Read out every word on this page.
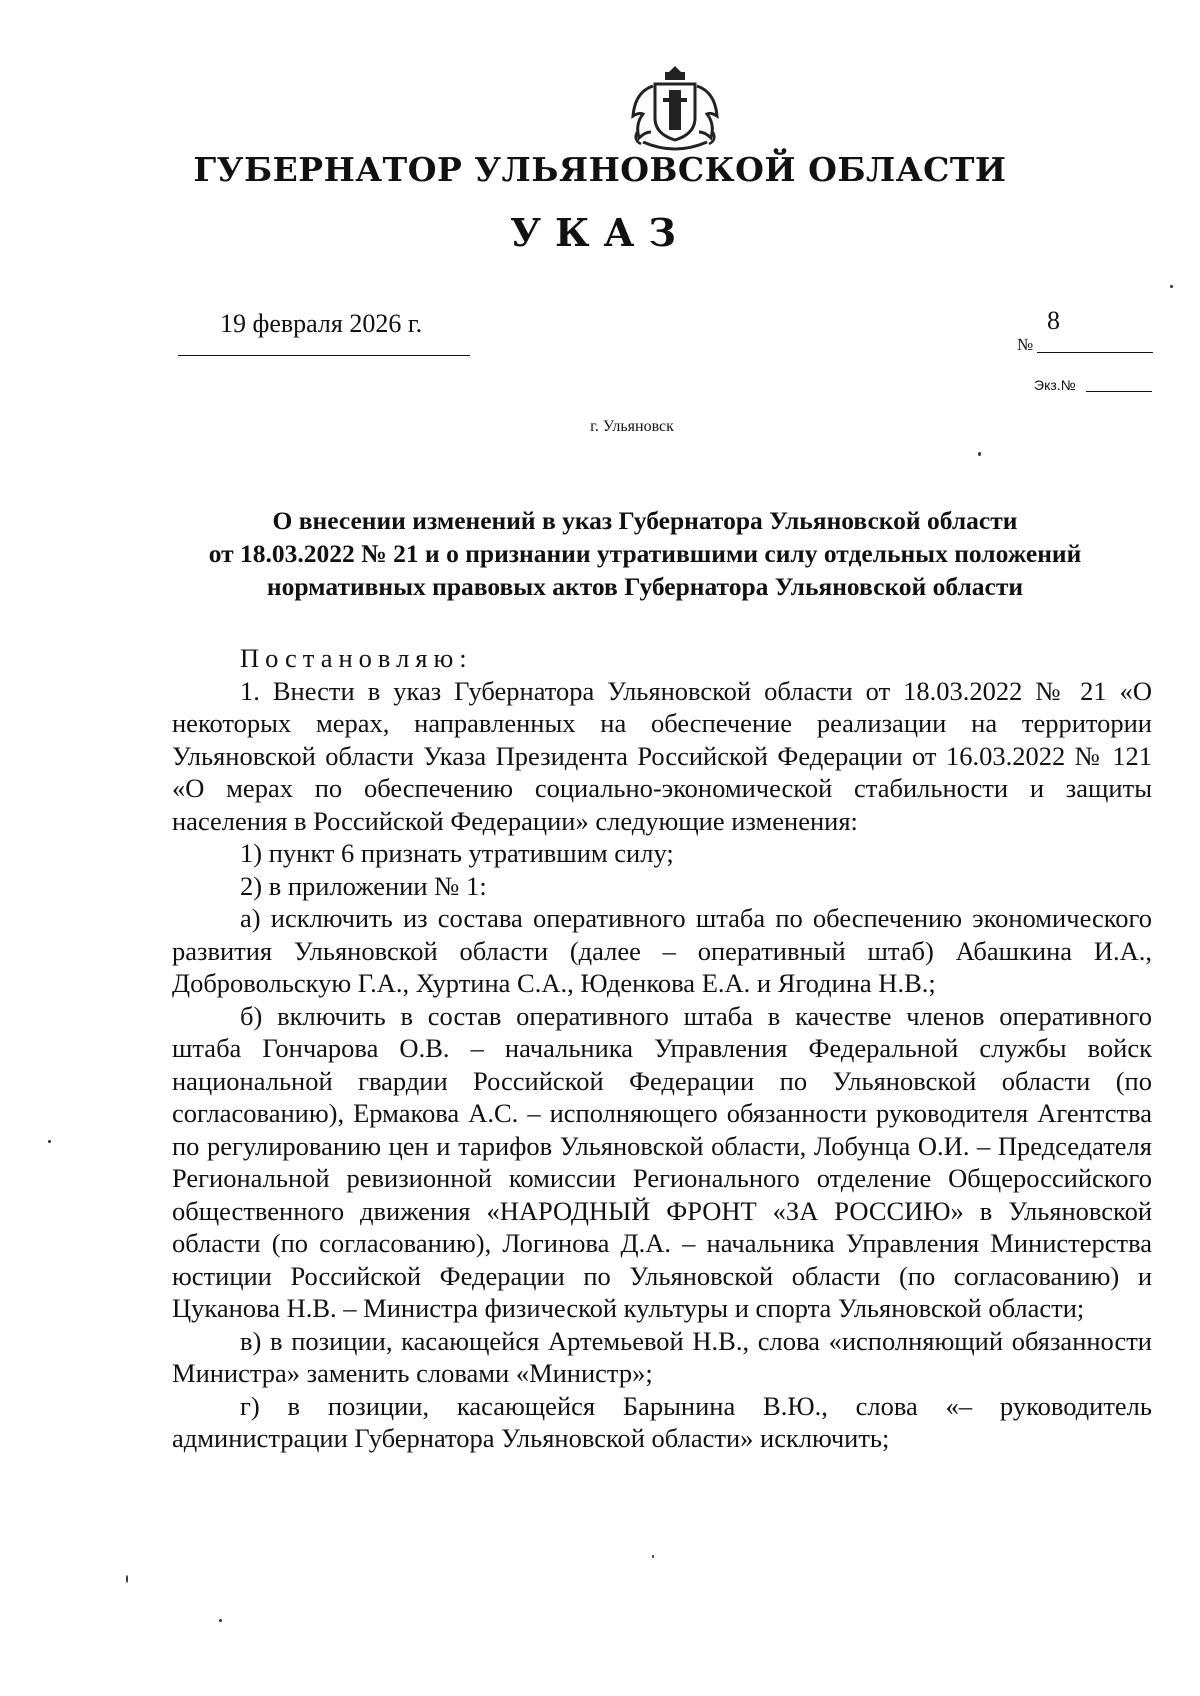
ГУБЕРНАТОР УЛЬЯНОВСКОЙ ОБЛАСТИ
УКАЗ
19 февраля 2026 г.	8
№
Экз.№
г. Ульяновск
О внесении изменений в указ Губернатора Ульяновской области
от 18.03.2022 № 21 и о признании утратившими силу отдельных положений
нормативных правовых актов Губернатора Ульяновской области
Постановляю:
1. Внести в указ Губернатора Ульяновской области от 18.03.2022 № 21 «О некоторых мерах, направленных на обеспечение реализации на территории Ульяновской области Указа Президента Российской Федерации от 16.03.2022 № 121 «О мерах по обеспечению социально-экономической стабильности и защиты населения в Российской Федерации» следующие изменения:
1) пункт 6 признать утратившим силу;
2) в приложении № 1:
а) исключить из состава оперативного штаба по обеспечению экономического развития Ульяновской области (далее – оперативный штаб) Абашкина И.А., Добровольскую Г.А., Хуртина С.А., Юденкова Е.А. и Ягодина Н.В.;
б) включить в состав оперативного штаба в качестве членов оперативного штаба Гончарова О.В. – начальника Управления Федеральной службы войск национальной гвардии Российской Федерации по Ульяновской области (по согласованию), Ермакова А.С. – исполняющего обязанности руководителя Агентства по регулированию цен и тарифов Ульяновской области, Лобунца О.И. – Председателя Региональной ревизионной комиссии Регионального отделение Общероссийского общественного движения «НАРОДНЫЙ ФРОНТ «ЗА РОССИЮ» в Ульяновской области (по согласованию), Логинова Д.А. – начальника Управления Министерства юстиции Российской Федерации по Ульяновской области (по согласованию) и Цуканова Н.В. – Министра физической культуры и спорта Ульяновской области;
в) в позиции, касающейся Артемьевой Н.В., слова «исполняющий обязанности Министра» заменить словами «Министр»;
г) в позиции, касающейся Барынина В.Ю., слова «– руководитель администрации Губернатора Ульяновской области» исключить;
